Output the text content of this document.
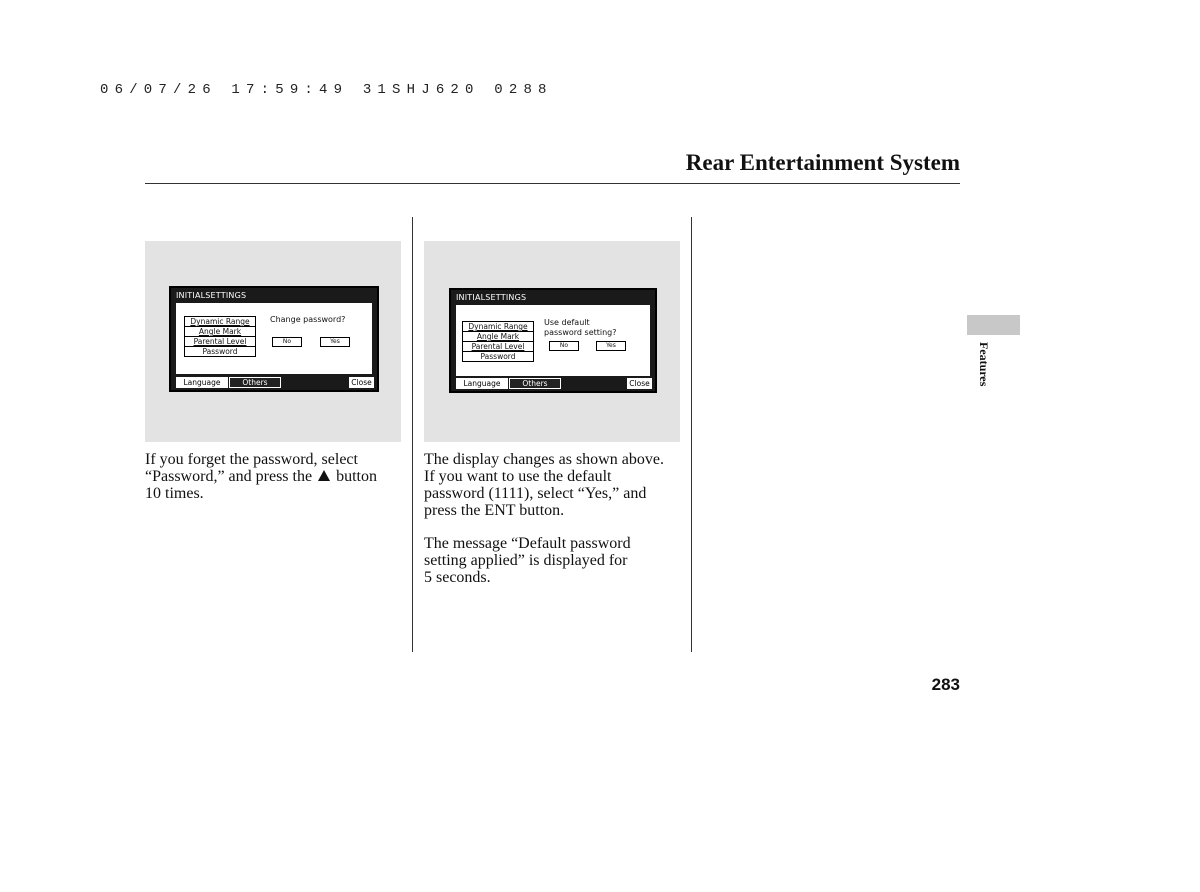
06/07/26 17:59:49 31SHJ620 0288
Rear Entertainment System
INITIALSETTINGS
Dynamic Range
Angle Mark
Parental Level
Password
Change password?
No	Yes
Language	Others	Close
INITIALSETTINGS
Dynamic Range
Angle Mark
Parental Level
Password
Use default
password setting?
No	Yes
Language	Others	Close

If you forget the password, select

“Password,” and press the button

10 times.

The display changes as shown above.

If you want to use the default

password (1111), select “Yes,” and

press the ENT button.

The message “Default password

setting applied” is displayed for

5 seconds.

Features
283
